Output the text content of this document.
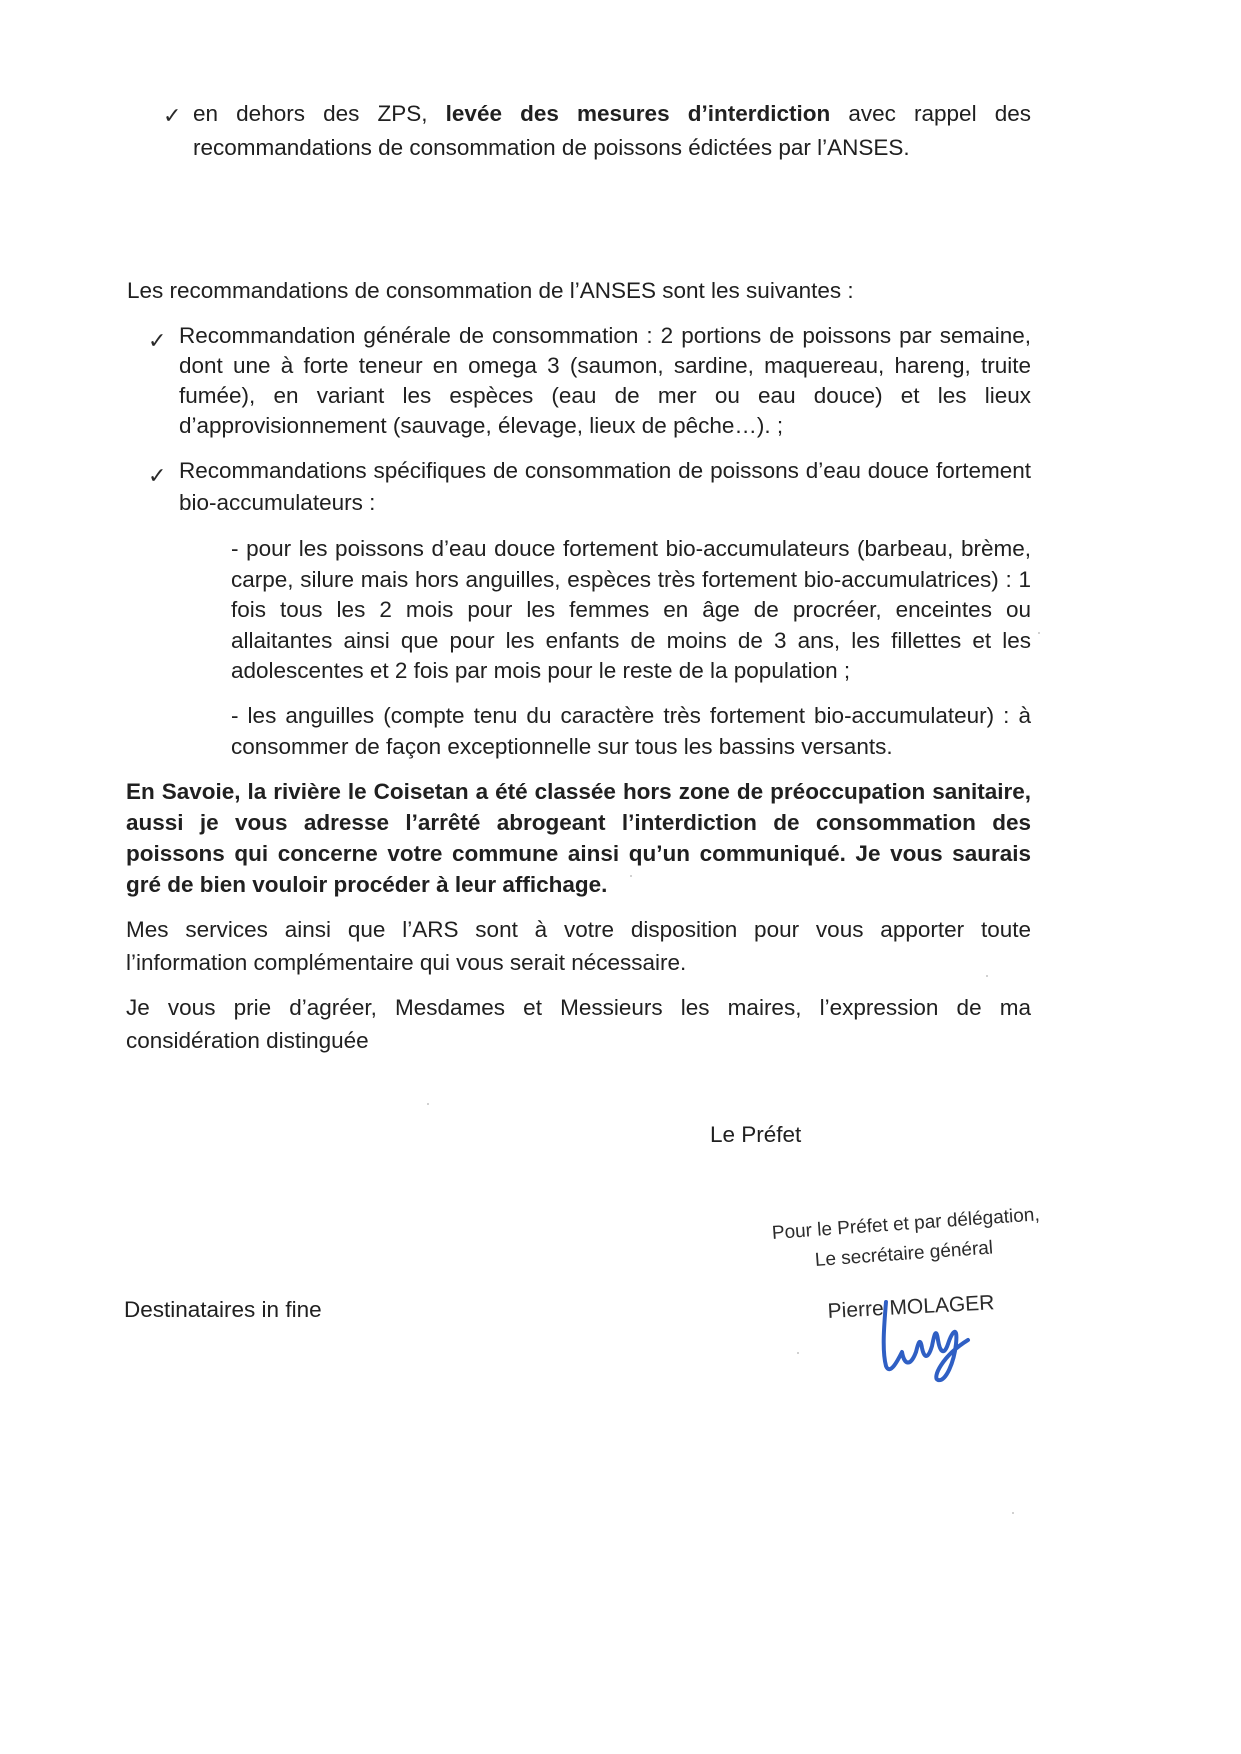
✓ en dehors des ZPS, levée des mesures d’interdiction avec rappel des recommandations de consommation de poissons édictées par l’ANSES.
Les recommandations de consommation de l’ANSES sont les suivantes :
✓ Recommandation générale de consommation : 2 portions de poissons par semaine, dont une à forte teneur en omega 3 (saumon, sardine, maquereau, hareng, truite fumée), en variant les espèces (eau de mer ou eau douce) et les lieux d’approvisionnement (sauvage, élevage, lieux de pêche…). ;
✓ Recommandations spécifiques de consommation de poissons d’eau douce fortement bio-accumulateurs :
- pour les poissons d’eau douce fortement bio-accumulateurs (barbeau, brème, carpe, silure mais hors anguilles, espèces très fortement bio-accumulatrices) : 1 fois tous les 2 mois pour les femmes en âge de procréer, enceintes ou allaitantes ainsi que pour les enfants de moins de 3 ans, les fillettes et les adolescentes et 2 fois par mois pour le reste de la population ;
- les anguilles (compte tenu du caractère très fortement bio-accumulateur) : à consommer de façon exceptionnelle sur tous les bassins versants.
En Savoie, la rivière le Coisetan a été classée hors zone de préoccupation sanitaire, aussi je vous adresse l’arrêté abrogeant l’interdiction de consommation des poissons qui concerne votre commune ainsi qu’un communiqué. Je vous saurais gré de bien vouloir procéder à leur affichage.
Mes services ainsi que l’ARS sont à votre disposition pour vous apporter toute l’information complémentaire qui vous serait nécessaire.
Je vous prie d’agréer, Mesdames et Messieurs les maires, l’expression de ma considération distinguée
Le Préfet
Pour le Préfet et par délégation,
Le secrétaire général
Pierre MOLAGER
Destinataires in fine
